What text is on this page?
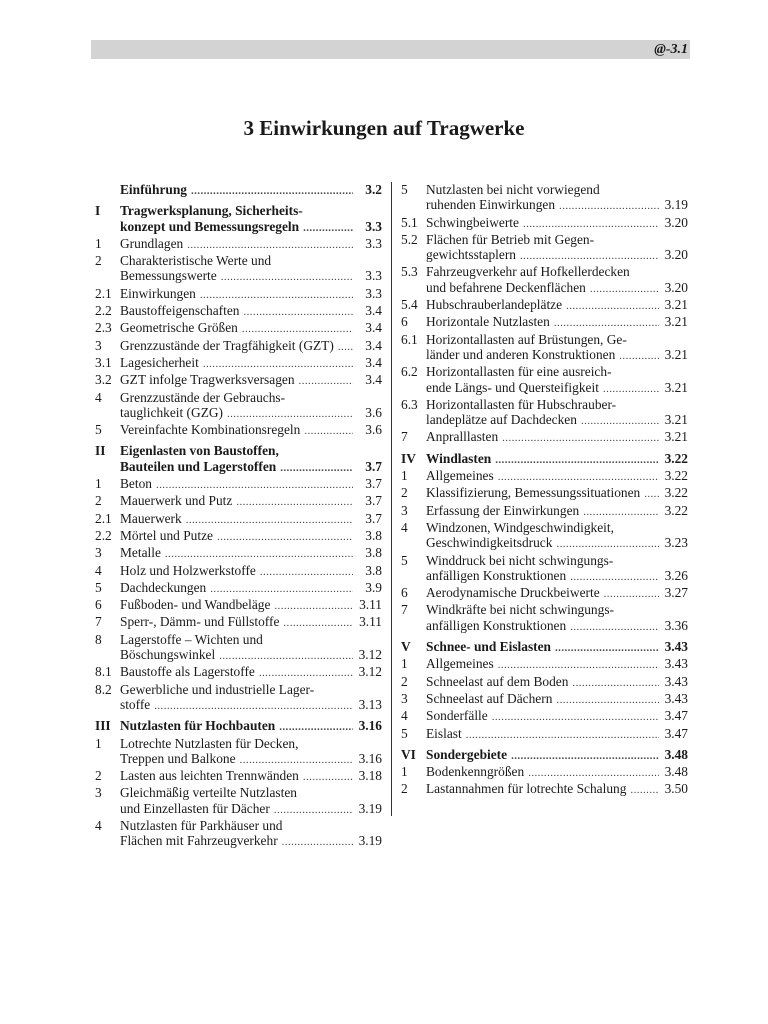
@-3.1
3 Einwirkungen auf Tragwerke
Einführung .....	3.2
I Tragwerksplanung, Sicherheits-
konzept und Bemessungsregeln .....	3.3
1 Grundlagen .....	3.3
2 Charakteristische Werte und
Bemessungswerte .....	3.3
2.1 Einwirkungen .....	3.3
2.2 Baustoffeigenschaften .....	3.4
2.3 Geometrische Größen .....	3.4
3 Grenzzustände der Tragfähigkeit (GZT) .....	3.4
3.1 Lagesicherheit .....	3.4
3.2 GZT infolge Tragwerksversagen .....	3.4
4 Grenzzustände der Gebrauchs-
tauglichkeit (GZG) .....	3.6
5 Vereinfachte Kombinationsregeln .....	3.6
II Eigenlasten von Baustoffen,
Bauteilen und Lagerstoffen .....	3.7
1 Beton .....	3.7
2 Mauerwerk und Putz .....	3.7
2.1 Mauerwerk .....	3.7
2.2 Mörtel und Putze .....	3.8
3 Metalle .....	3.8
4 Holz und Holzwerkstoffe .....	3.8
5 Dachdeckungen .....	3.9
6 Fußboden- und Wandbeläge .....	3.11
7 Sperr-, Dämm- und Füllstoffe .....	3.11
8 Lagerstoffe – Wichten und
Böschungswinkel .....	3.12
8.1 Baustoffe als Lagerstoffe .....	3.12
8.2 Gewerbliche und industrielle Lager-
stoffe .....	3.13
III Nutzlasten für Hochbauten .....	3.16
1 Lotrechte Nutzlasten für Decken,
Treppen und Balkone .....	3.16
2 Lasten aus leichten Trennwänden .....	3.18
3 Gleichmäßig verteilte Nutzlasten
und Einzellasten für Dächer .....	3.19
4 Nutzlasten für Parkhäuser und
Flächen mit Fahrzeugverkehr .....	3.19
5 Nutzlasten bei nicht vorwiegend
ruhenden Einwirkungen .....	3.19
5.1 Schwingbeiwerte .....	3.20
5.2 Flächen für Betrieb mit Gegen-
gewichtsstaplern .....	3.20
5.3 Fahrzeugverkehr auf Hofkellerdecken
und befahrene Deckenflächen .....	3.20
5.4 Hubschrauberlandeplätze .....	3.21
6 Horizontale Nutzlasten .....	3.21
6.1 Horizontallasten auf Brüstungen, Ge-
länder und anderen Konstruktionen .....	3.21
6.2 Horizontallasten für eine ausreich-
ende Längs- und Quersteifigkeit .....	3.21
6.3 Horizontallasten für Hubschrauber-
landeplätze auf Dachdecken .....	3.21
7 Anpralllasten .....	3.21
IV Windlasten .....	3.22
1 Allgemeines .....	3.22
2 Klassifizierung, Bemessungssituationen ..... 3.22
3 Erfassung der Einwirkungen .....	3.22
4 Windzonen, Windgeschwindigkeit,
Geschwindigkeitsdruck .....	3.23
5 Winddruck bei nicht schwingungs-
anfälligen Konstruktionen .....	3.26
6 Aerodynamische Druckbeiwerte .....	3.27
7 Windkräfte bei nicht schwingungs-
anfälligen Konstruktionen .....	3.36
V Schnee- und Eislasten .....	3.43
1 Allgemeines .....	3.43
2 Schneelast auf dem Boden .....	3.43
3 Schneelast auf Dächern .....	3.43
4 Sonderfälle .....	3.47
5 Eislast .....	3.47
VI Sondergebiete .....	3.48
1 Bodenkenngrößen .....	3.48
2 Lastannahmen für lotrechte Schalung .....	3.50
